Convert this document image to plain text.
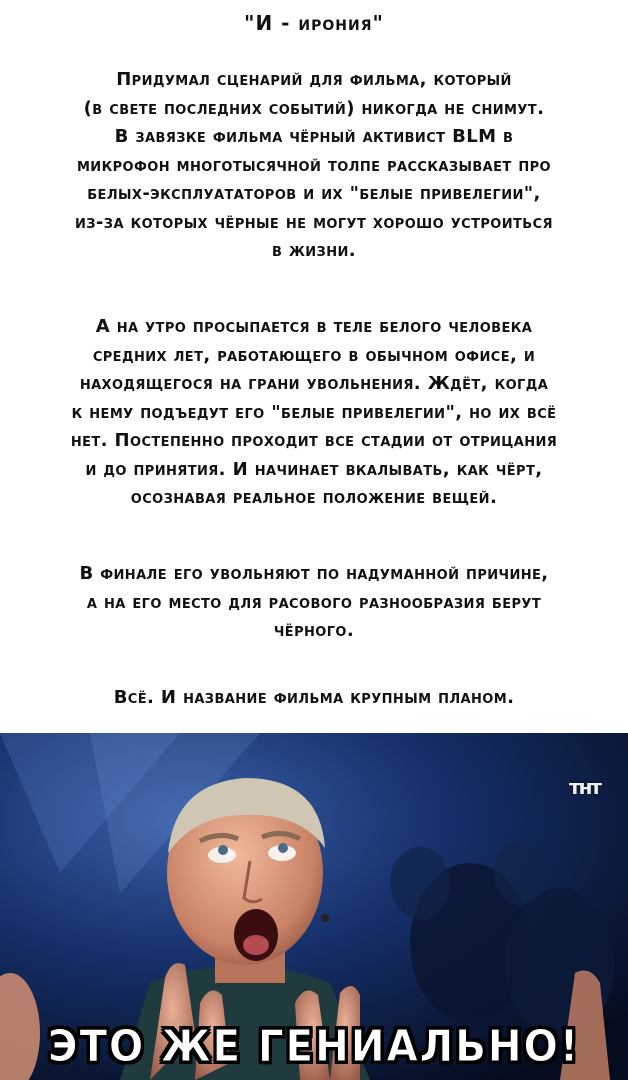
"И - ирония"
Придумал сценарий для фильма, который
(в свете последних событий) никогда не снимут.
В завязке фильма чёрный активист BLM в
микрофон многотысячной толпе рассказывает про
белых-эксплуататоров и их "белые привелегии",
из-за которых чёрные не могут хорошо устроиться
в жизни.
А на утро просыпается в теле белого человека
средних лет, работающего в обычном офисе, и
находящегося на грани увольнения. Ждёт, когда
к нему подъедут его "белые привелегии", но их всё
нет. Постепенно проходит все стадии от отрицания
и до принятия. И начинает вкалывать, как чёрт,
осознавая реальное положение вещей.
В финале его увольняют по надуманной причине,
а на его место для расового разнообразия берут
чёрного.
Всё. И название фильма крупным планом.
тнт
ЭТО ЖЕ ГЕНИАЛЬНО!
